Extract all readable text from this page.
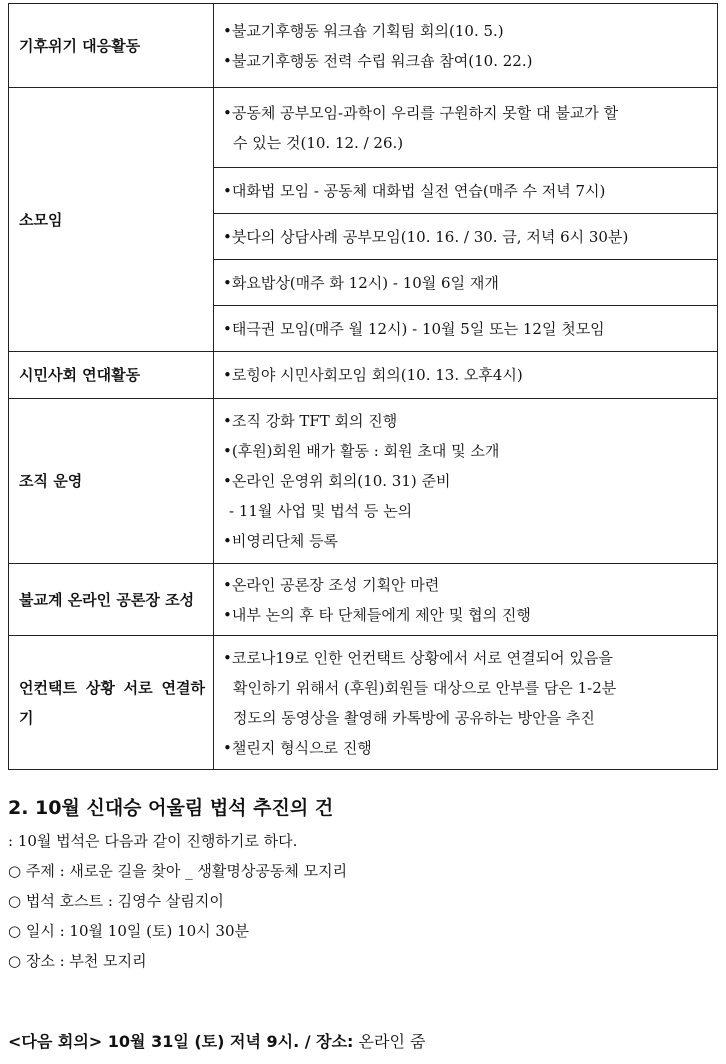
기후위기 대응활동	•불교기후행동 워크숍 기획팀 회의(10. 5.)
•불교기후행동 전력 수립 워크숍 참여(10. 22.)

소모임	•공동체 공부모임-과학이 우리를 구원하지 못할 대 불교가 할
수 있는 것(10. 12. / 26.)

	•대화법 모임 - 공동체 대화법 실전 연습(매주 수 저녁 7시)

	•붓다의 상담사례 공부모임(10. 16. / 30. 금, 저녁 6시 30분)

	•화요밥상(매주 화 12시) - 10월 6일 재개

	•태극권 모임(매주 월 12시) - 10월 5일 또는 12일 첫모임

시민사회 연대활동	•로힝야 시민사회모임 회의(10. 13. 오후4시)

조직 운영	•조직 강화 TFT 회의 진행
•(후원)회원 배가 활동 : 회원 초대 및 소개
•온라인 운영위 회의(10. 31) 준비
- 11월 사업 및 법석 등 논의
•비영리단체 등록

불교계 온라인 공론장 조성	•온라인 공론장 조성 기획안 마련
•내부 논의 후 타 단체들에게 제안 및 협의 진행

언컨택트 상황 서로 연결하기	•코로나19로 인한 언컨택트 상황에서 서로 연결되어 있음을
확인하기 위해서 (후원)회원들 대상으로 안부를 담은 1-2분
정도의 동영상을 촬영해 카톡방에 공유하는 방안을 추진
•챌린지 형식으로 진행
2. 10월 신대승 어울림 법석 추진의 건
: 10월 법석은 다음과 같이 진행하기로 하다.
○ 주제 : 새로운 길을 찾아 _ 생활명상공동체 모지리
○ 법석 호스트 : 김영수 살림지이
○ 일시 : 10월 10일 (토) 10시 30분
○ 장소 : 부천 모지리
<다음 회의> 10월 31일 (토) 저녁 9시. / 장소: 온라인 줌
